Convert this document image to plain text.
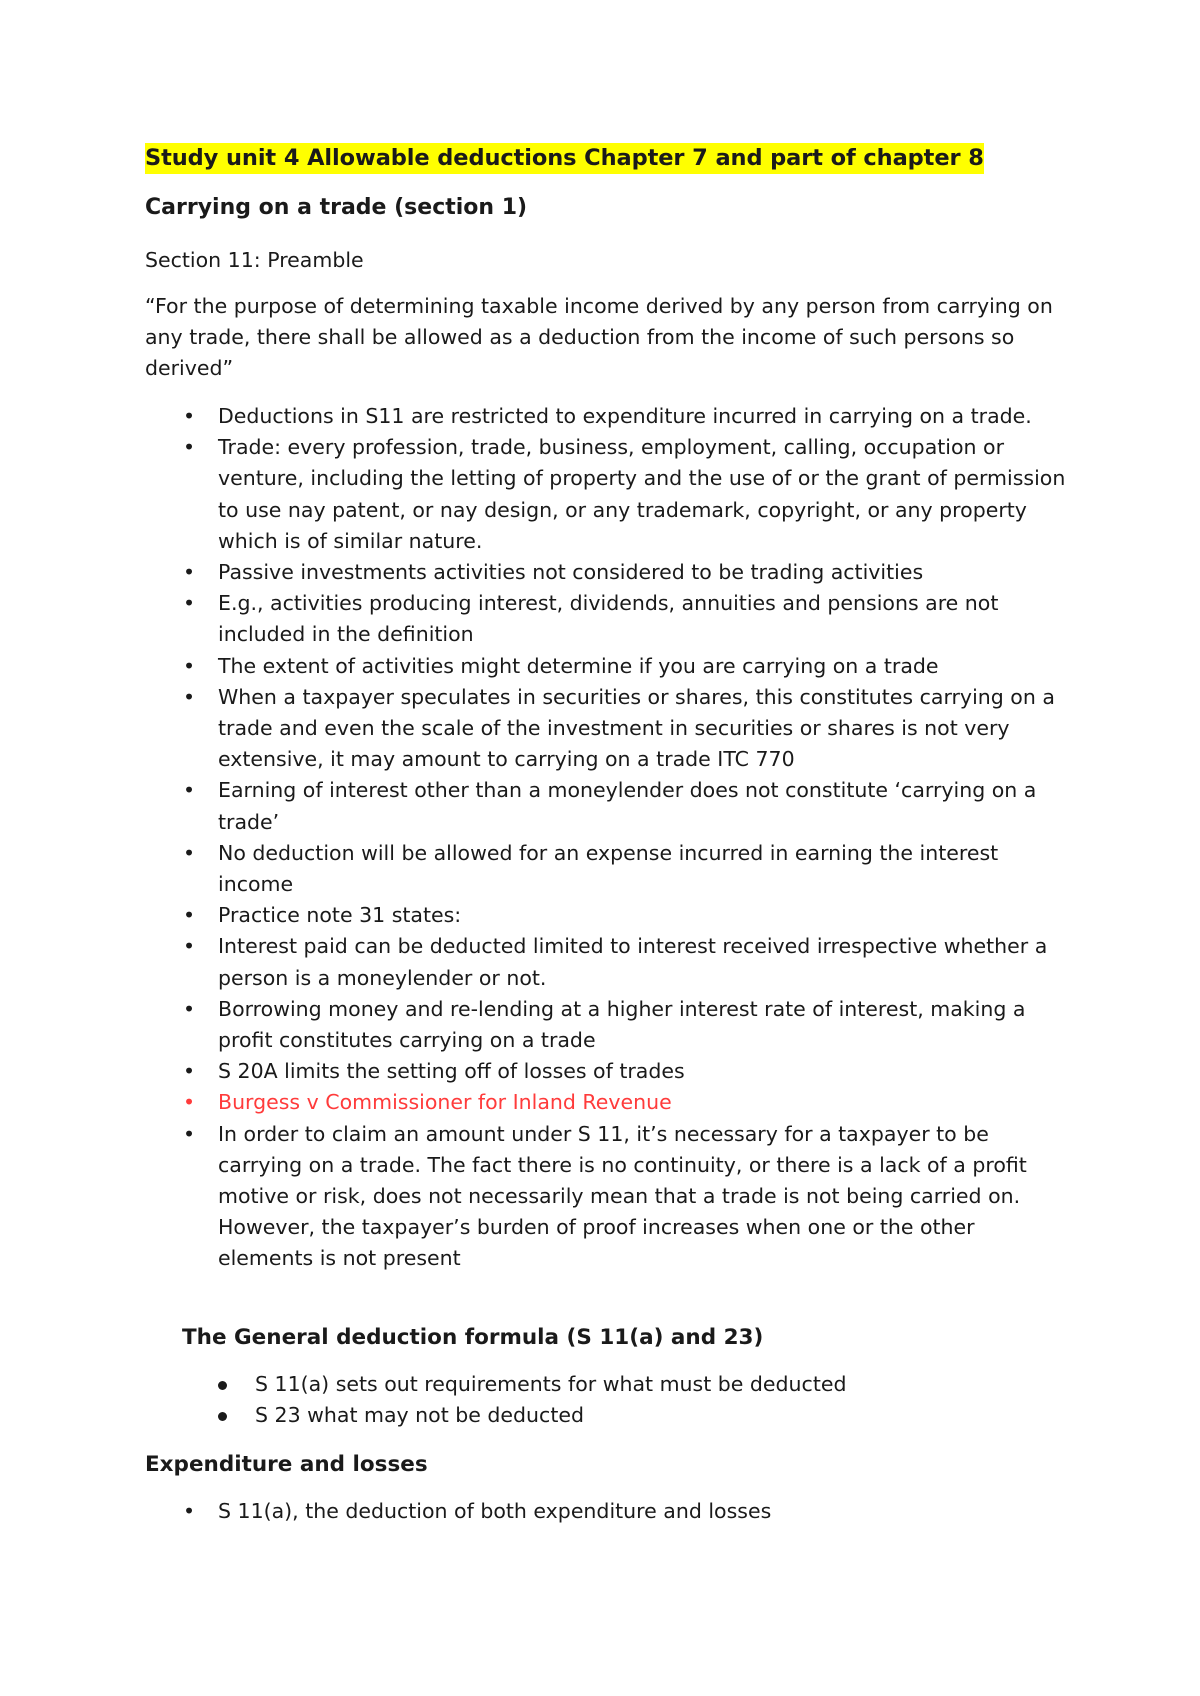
Study unit 4 Allowable deductions Chapter 7 and part of chapter 8
Carrying on a trade (section 1)

Section 11: Preamble

“For the purpose of determining taxable income derived by any person from carrying on any trade, there shall be allowed as a deduction from the income of such persons so derived”

• Deductions in S11 are restricted to expenditure incurred in carrying on a trade.
• Trade: every profession, trade, business, employment, calling, occupation or venture, including the letting of property and the use of or the grant of permission to use nay patent, or nay design, or any trademark, copyright, or any property which is of similar nature.
• Passive investments activities not considered to be trading activities
• E.g., activities producing interest, dividends, annuities and pensions are not included in the definition
• The extent of activities might determine if you are carrying on a trade
• When a taxpayer speculates in securities or shares, this constitutes carrying on a trade and even the scale of the investment in securities or shares is not very extensive, it may amount to carrying on a trade ITC 770
• Earning of interest other than a moneylender does not constitute ‘carrying on a trade’
• No deduction will be allowed for an expense incurred in earning the interest income
• Practice note 31 states:
• Interest paid can be deducted limited to interest received irrespective whether a person is a moneylender or not.
• Borrowing money and re-lending at a higher interest rate of interest, making a profit constitutes carrying on a trade
• S 20A limits the setting off of losses of trades
• Burgess v Commissioner for Inland Revenue
• In order to claim an amount under S 11, it’s necessary for a taxpayer to be carrying on a trade. The fact there is no continuity, or there is a lack of a profit motive or risk, does not necessarily mean that a trade is not being carried on. However, the taxpayer’s burden of proof increases when one or the other elements is not present
The General deduction formula (S 11(a) and 23)
S 11(a) sets out requirements for what must be deducted
S 23 what may not be deducted
Expenditure and losses
• S 11(a), the deduction of both expenditure and losses
